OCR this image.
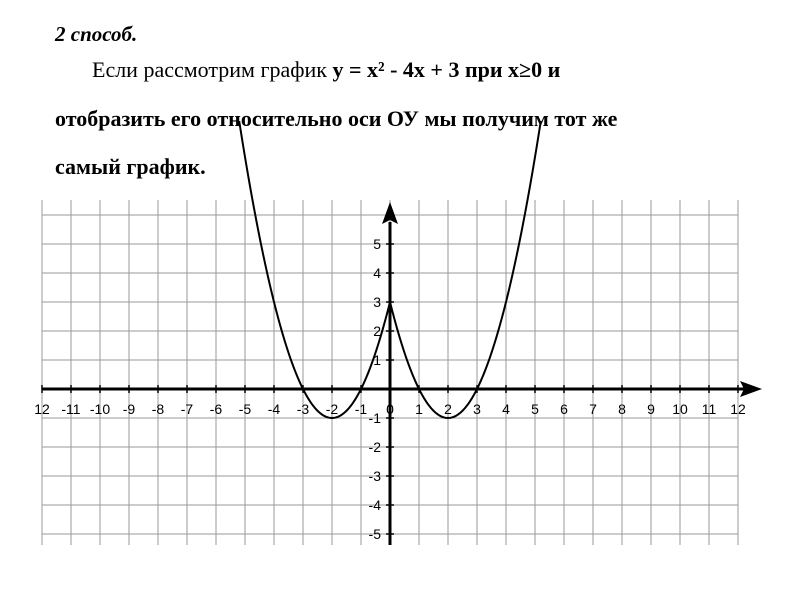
2 способ.
Если рассмотрим график y = x² - 4x + 3 при x≥0 и
отобразить его относительно оси ОУ мы получим тот же
самый график.
12 -11 -10 -9 -8 -7 -6 -5 -4 -3 -2 -1 0 1 2 3 4 5 6 7 8 9 10 11 12
5
4
3
2
1
-1
-2
-3
-4
-5
